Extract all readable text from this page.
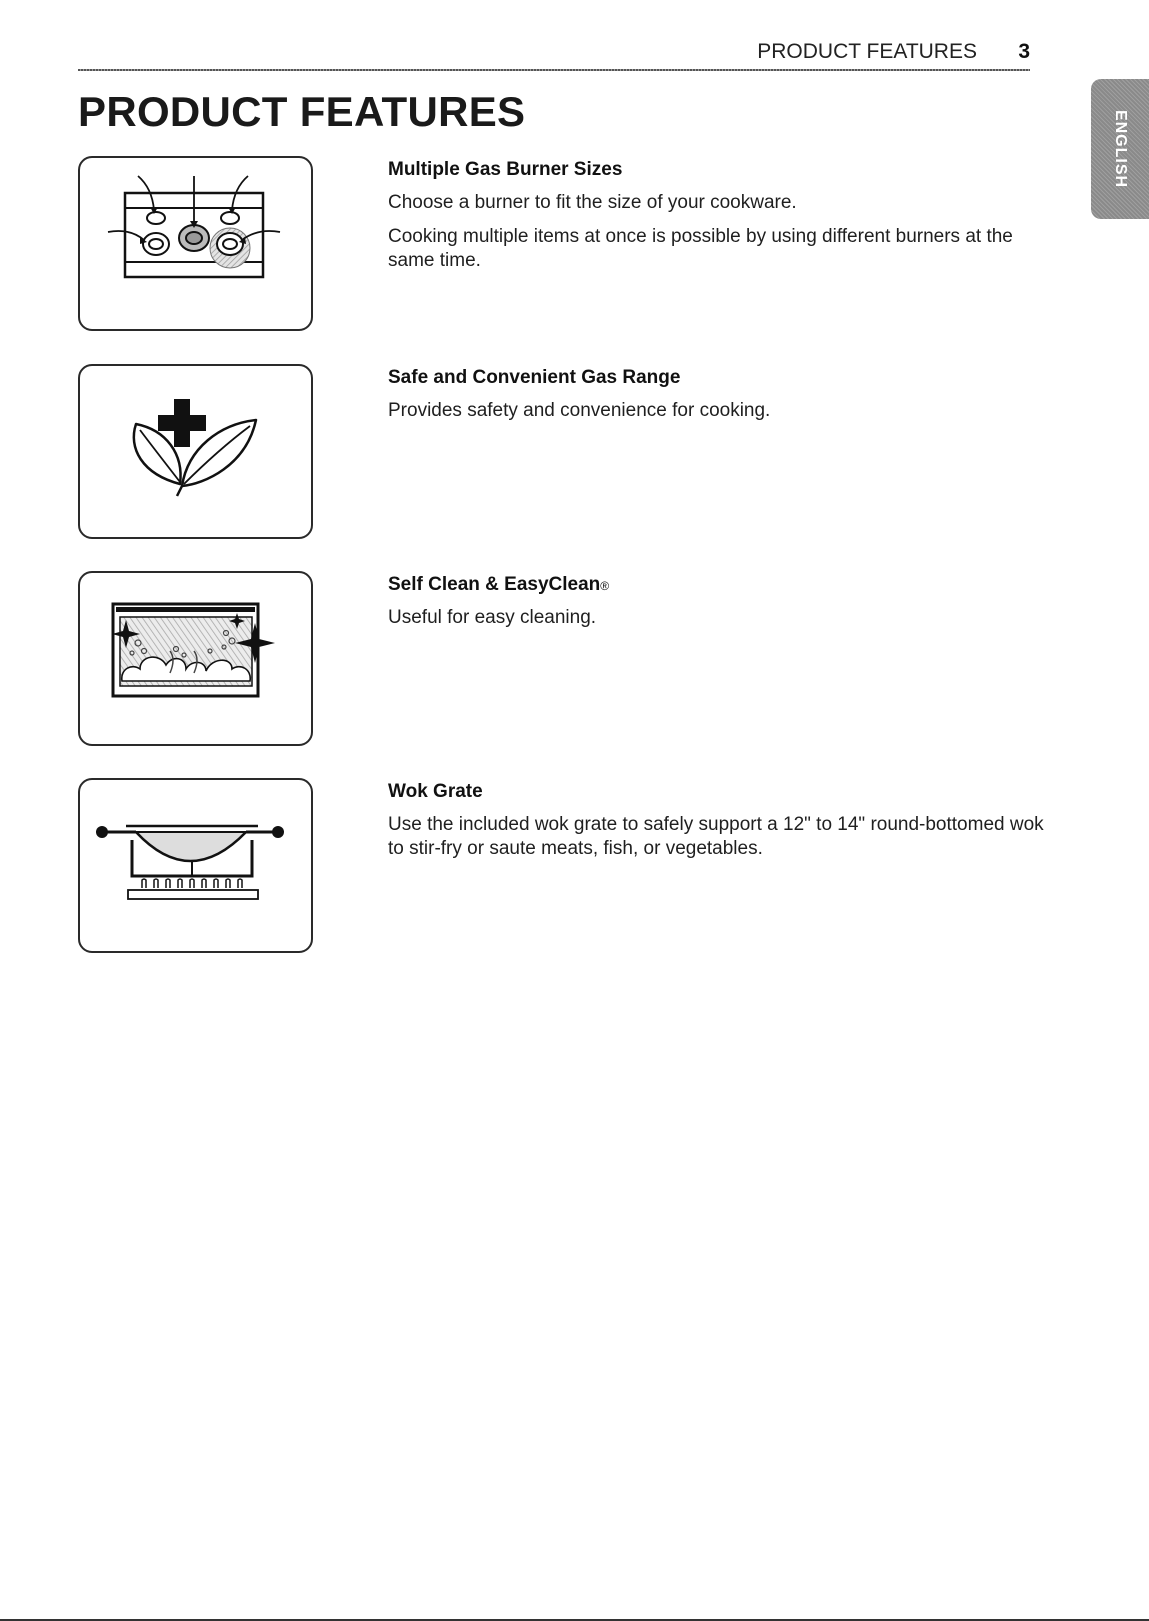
PRODUCT FEATURES 3
PRODUCT FEATURES	ENGLISH
Multiple Gas Burner Sizes

Choose a burner to fit the size of your cookware.

Cooking multiple items at once is possible by using different burners at the same time.

Safe and Convenient Gas Range

Provides safety and convenience for cooking.

Self Clean & EasyClean®

Useful for easy cleaning.

Wok Grate

Use the included wok grate to safely support a 12" to 14" round-bottomed wok to stir-fry or saute meats, fish, or vegetables.
